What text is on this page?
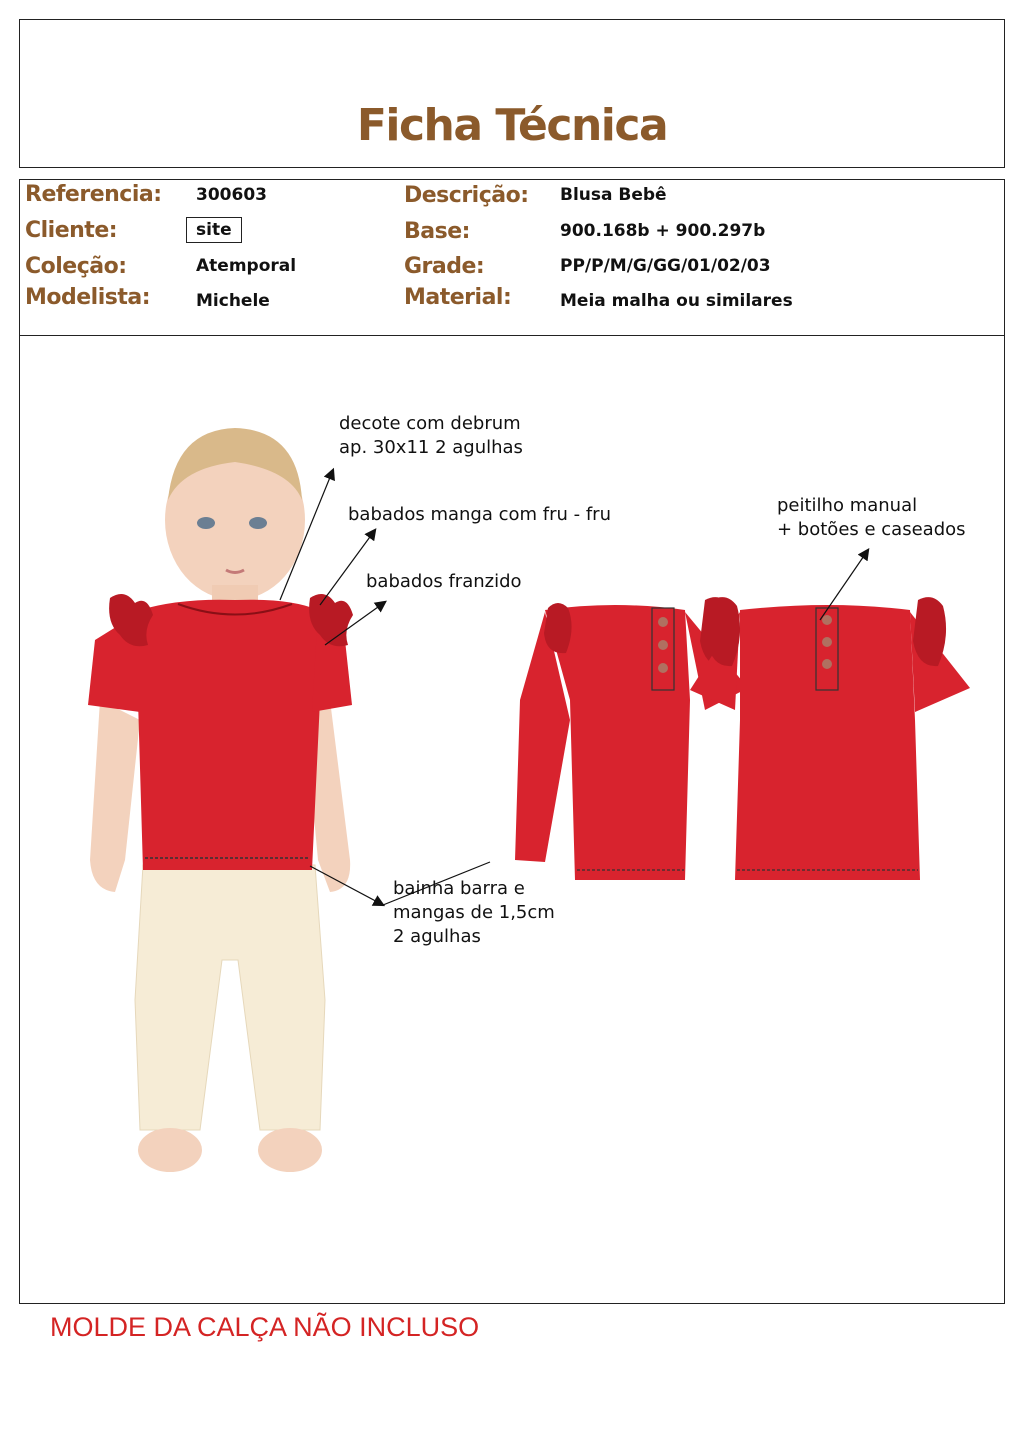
Ficha Técnica
Referencia: 300603
Cliente:	site
Coleção:	Atemporal
Modelista:	Michele
Descrição: Blusa Bebê
Base:	900.168b + 900.297b
Grade:	PP/P/M/G/GG/01/02/03
Material:	Meia malha ou similares
decote com debrum
ap. 30x11 2 agulhas
babados manga com fru - fru
babados franzido
peitilho manual
+ botões e caseados
bainha barra e
mangas de 1,5cm
2 agulhas
MOLDE DA CALÇA NÃO INCLUSO
